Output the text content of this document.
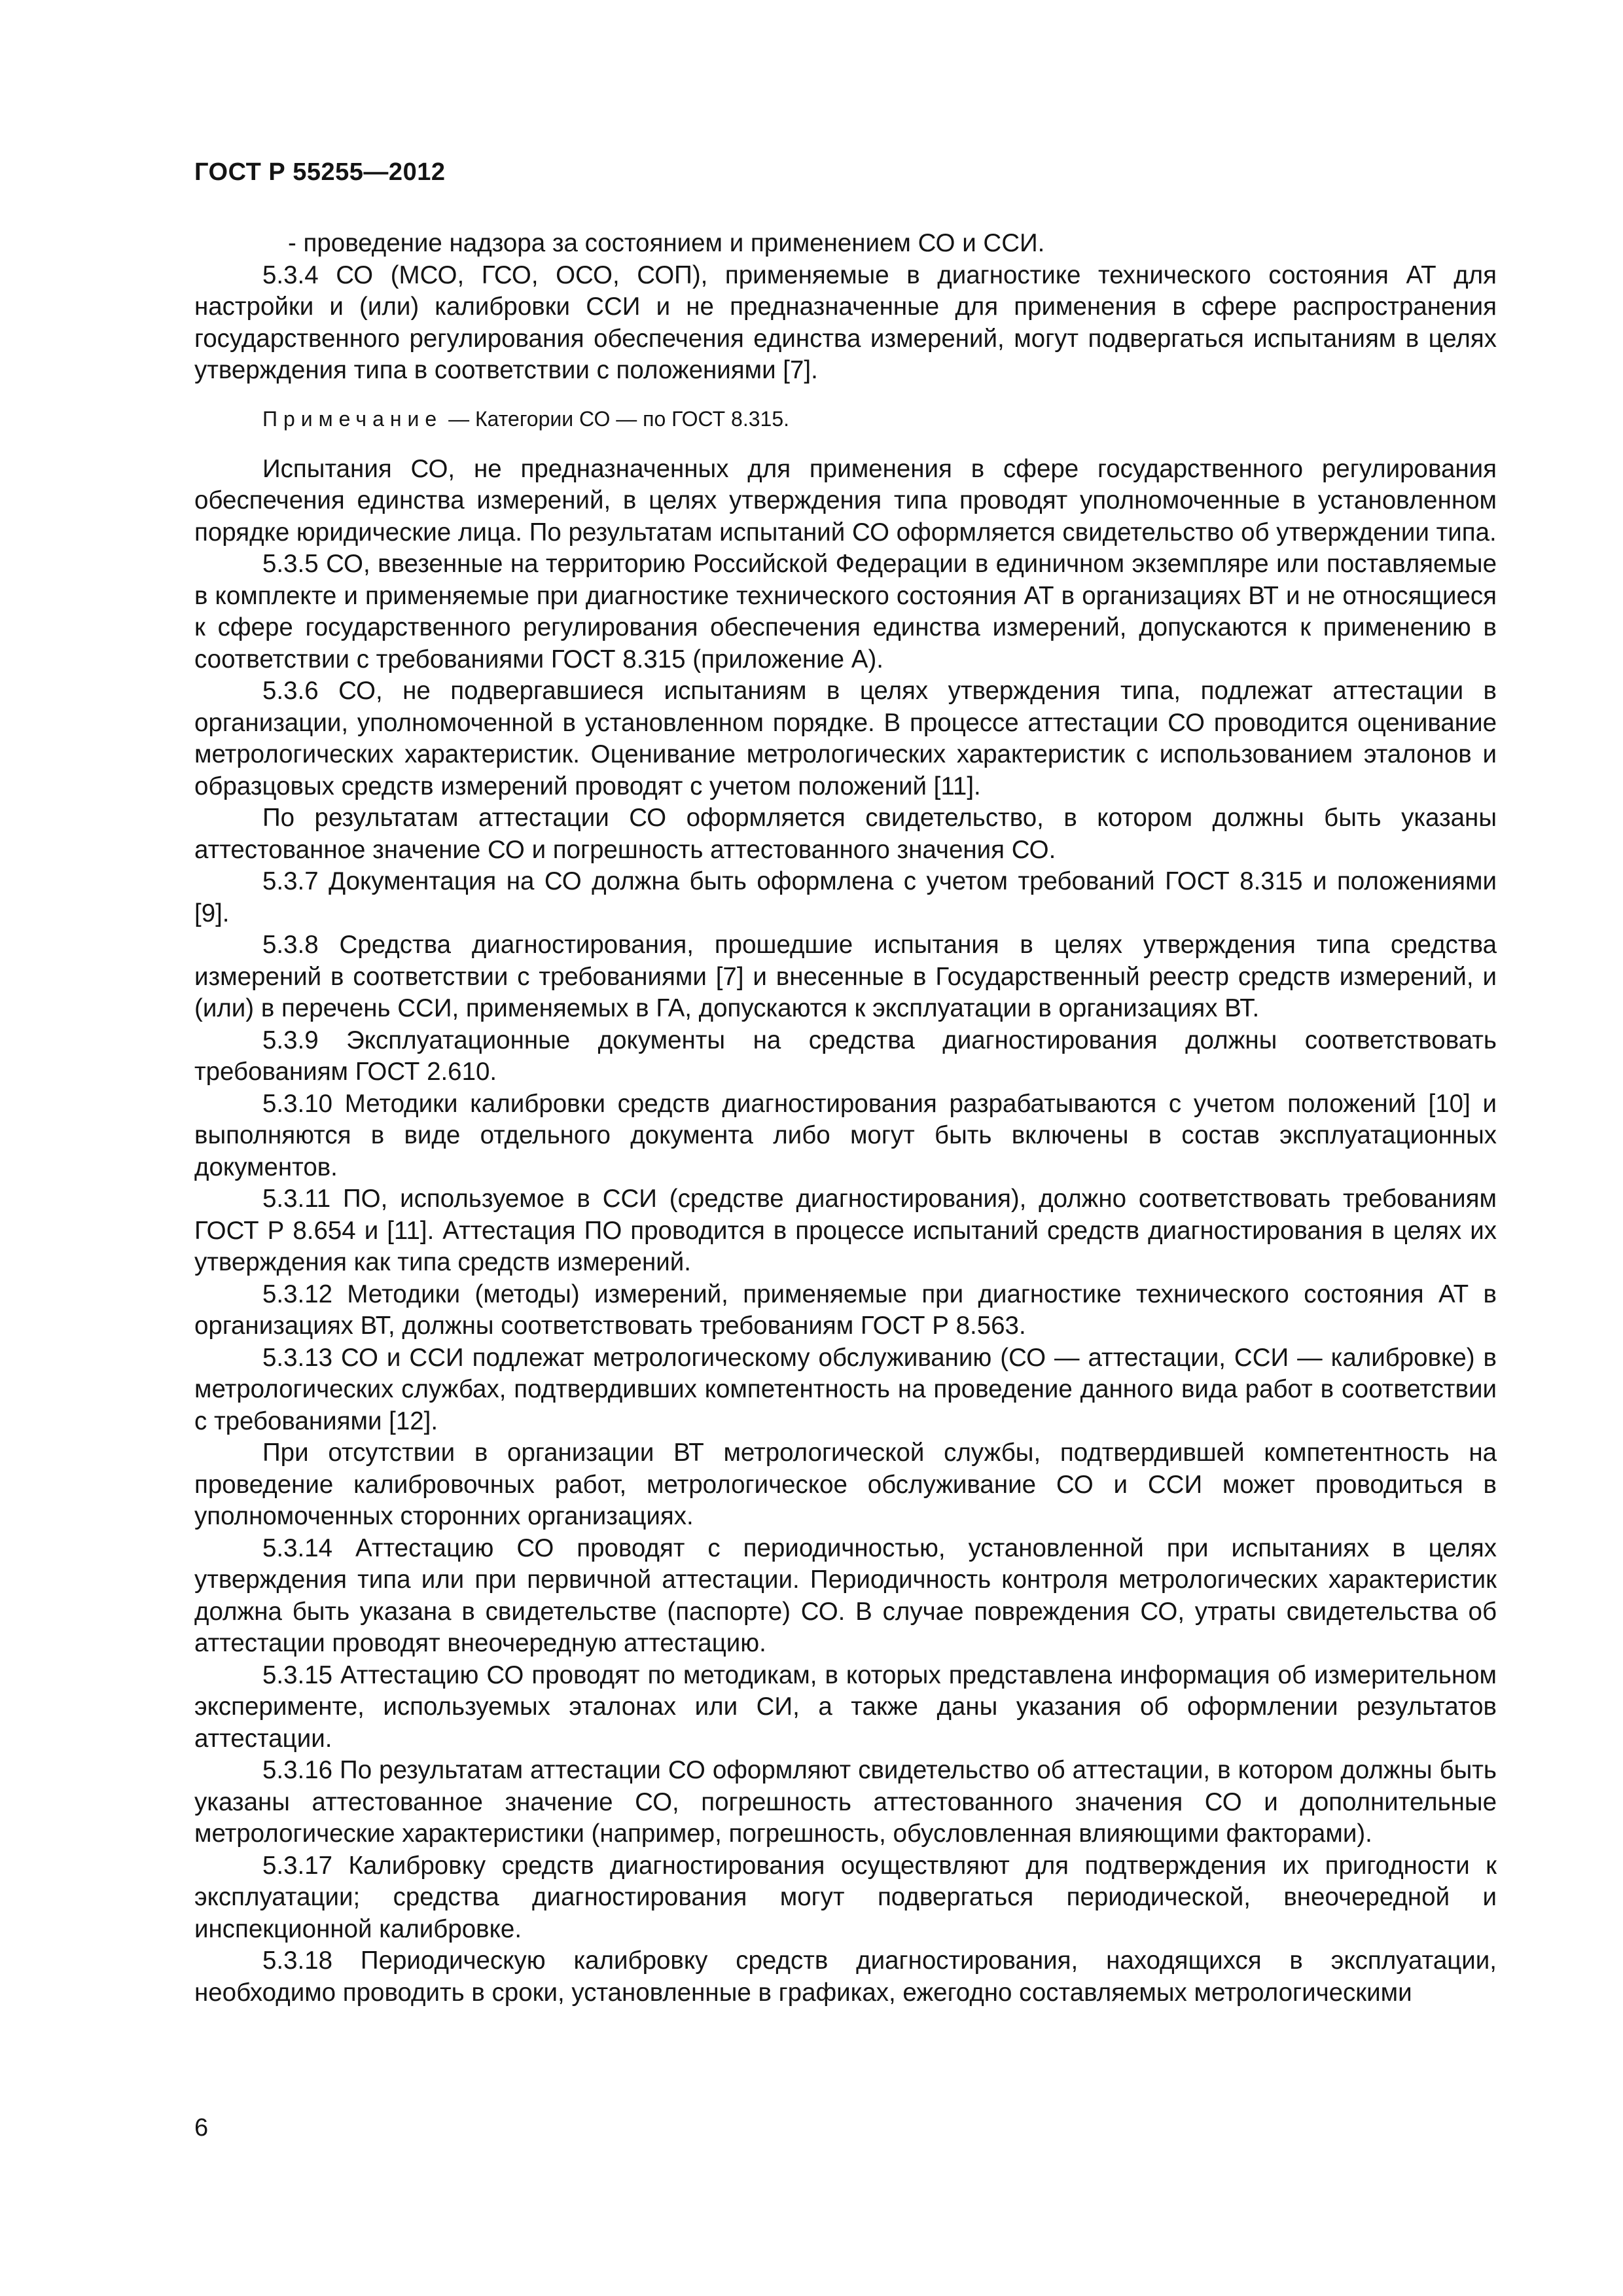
ГОСТ Р 55255—2012

- проведение надзора за состоянием и применением СО и ССИ.

5.3.4 СО (МСО, ГСО, ОСО, СОП), применяемые в диагностике технического состояния АТ для настройки и (или) калибровки ССИ и не предназначенные для применения в сфере распространения государственного регулирования обеспечения единства измерений, могут подвергаться испытаниям в целях утверждения типа в соответствии с положениями [7].

Примечание — Категории СО — по ГОСТ 8.315.

Испытания СО, не предназначенных для применения в сфере государственного регулирования обеспечения единства измерений, в целях утверждения типа проводят уполномоченные в установленном порядке юридические лица. По результатам испытаний СО оформляется свидетельство об утверждении типа.

5.3.5 СО, ввезенные на территорию Российской Федерации в единичном экземпляре или поставляемые в комплекте и применяемые при диагностике технического состояния АТ в организациях ВТ и не относящиеся к сфере государственного регулирования обеспечения единства измерений, допускаются к применению в соответствии с требованиями ГОСТ 8.315 (приложение А).

5.3.6 СО, не подвергавшиеся испытаниям в целях утверждения типа, подлежат аттестации в организации, уполномоченной в установленном порядке. В процессе аттестации СО проводится оценивание метрологических характеристик. Оценивание метрологических характеристик с использованием эталонов и образцовых средств измерений проводят с учетом положений [11].

По результатам аттестации СО оформляется свидетельство, в котором должны быть указаны аттестованное значение СО и погрешность аттестованного значения СО.

5.3.7 Документация на СО должна быть оформлена с учетом требований ГОСТ 8.315 и положениями [9].

5.3.8 Средства диагностирования, прошедшие испытания в целях утверждения типа средства измерений в соответствии с требованиями [7] и внесенные в Государственный реестр средств измерений, и (или) в перечень ССИ, применяемых в ГА, допускаются к эксплуатации в организациях ВТ.

5.3.9 Эксплуатационные документы на средства диагностирования должны соответствовать требованиям ГОСТ 2.610.

5.3.10 Методики калибровки средств диагностирования разрабатываются с учетом положений [10] и выполняются в виде отдельного документа либо могут быть включены в состав эксплуатационных документов.

5.3.11 ПО, используемое в ССИ (средстве диагностирования), должно соответствовать требованиям ГОСТ Р 8.654 и [11]. Аттестация ПО проводится в процессе испытаний средств диагностирования в целях их утверждения как типа средств измерений.

5.3.12 Методики (методы) измерений, применяемые при диагностике технического состояния АТ в организациях ВТ, должны соответствовать требованиям ГОСТ Р 8.563.

5.3.13 СО и ССИ подлежат метрологическому обслуживанию (СО — аттестации, ССИ — калибровке) в метрологических службах, подтвердивших компетентность на проведение данного вида работ в соответствии с требованиями [12].

При отсутствии в организации ВТ метрологической службы, подтвердившей компетентность на проведение калибровочных работ, метрологическое обслуживание СО и ССИ может проводиться в уполномоченных сторонних организациях.

5.3.14 Аттестацию СО проводят с периодичностью, установленной при испытаниях в целях утверждения типа или при первичной аттестации. Периодичность контроля метрологических характеристик должна быть указана в свидетельстве (паспорте) СО. В случае повреждения СО, утраты свидетельства об аттестации проводят внеочередную аттестацию.

5.3.15 Аттестацию СО проводят по методикам, в которых представлена информация об измерительном эксперименте, используемых эталонах или СИ, а также даны указания об оформлении результатов аттестации.

5.3.16 По результатам аттестации СО оформляют свидетельство об аттестации, в котором должны быть указаны аттестованное значение СО, погрешность аттестованного значения СО и дополнительные метрологические характеристики (например, погрешность, обусловленная влияющими факторами).

5.3.17 Калибровку средств диагностирования осуществляют для подтверждения их пригодности к эксплуатации; средства диагностирования могут подвергаться периодической, внеочередной и инспекционной калибровке.

5.3.18 Периодическую калибровку средств диагностирования, находящихся в эксплуатации, необходимо проводить в сроки, установленные в графиках, ежегодно составляемых метрологическими

6
